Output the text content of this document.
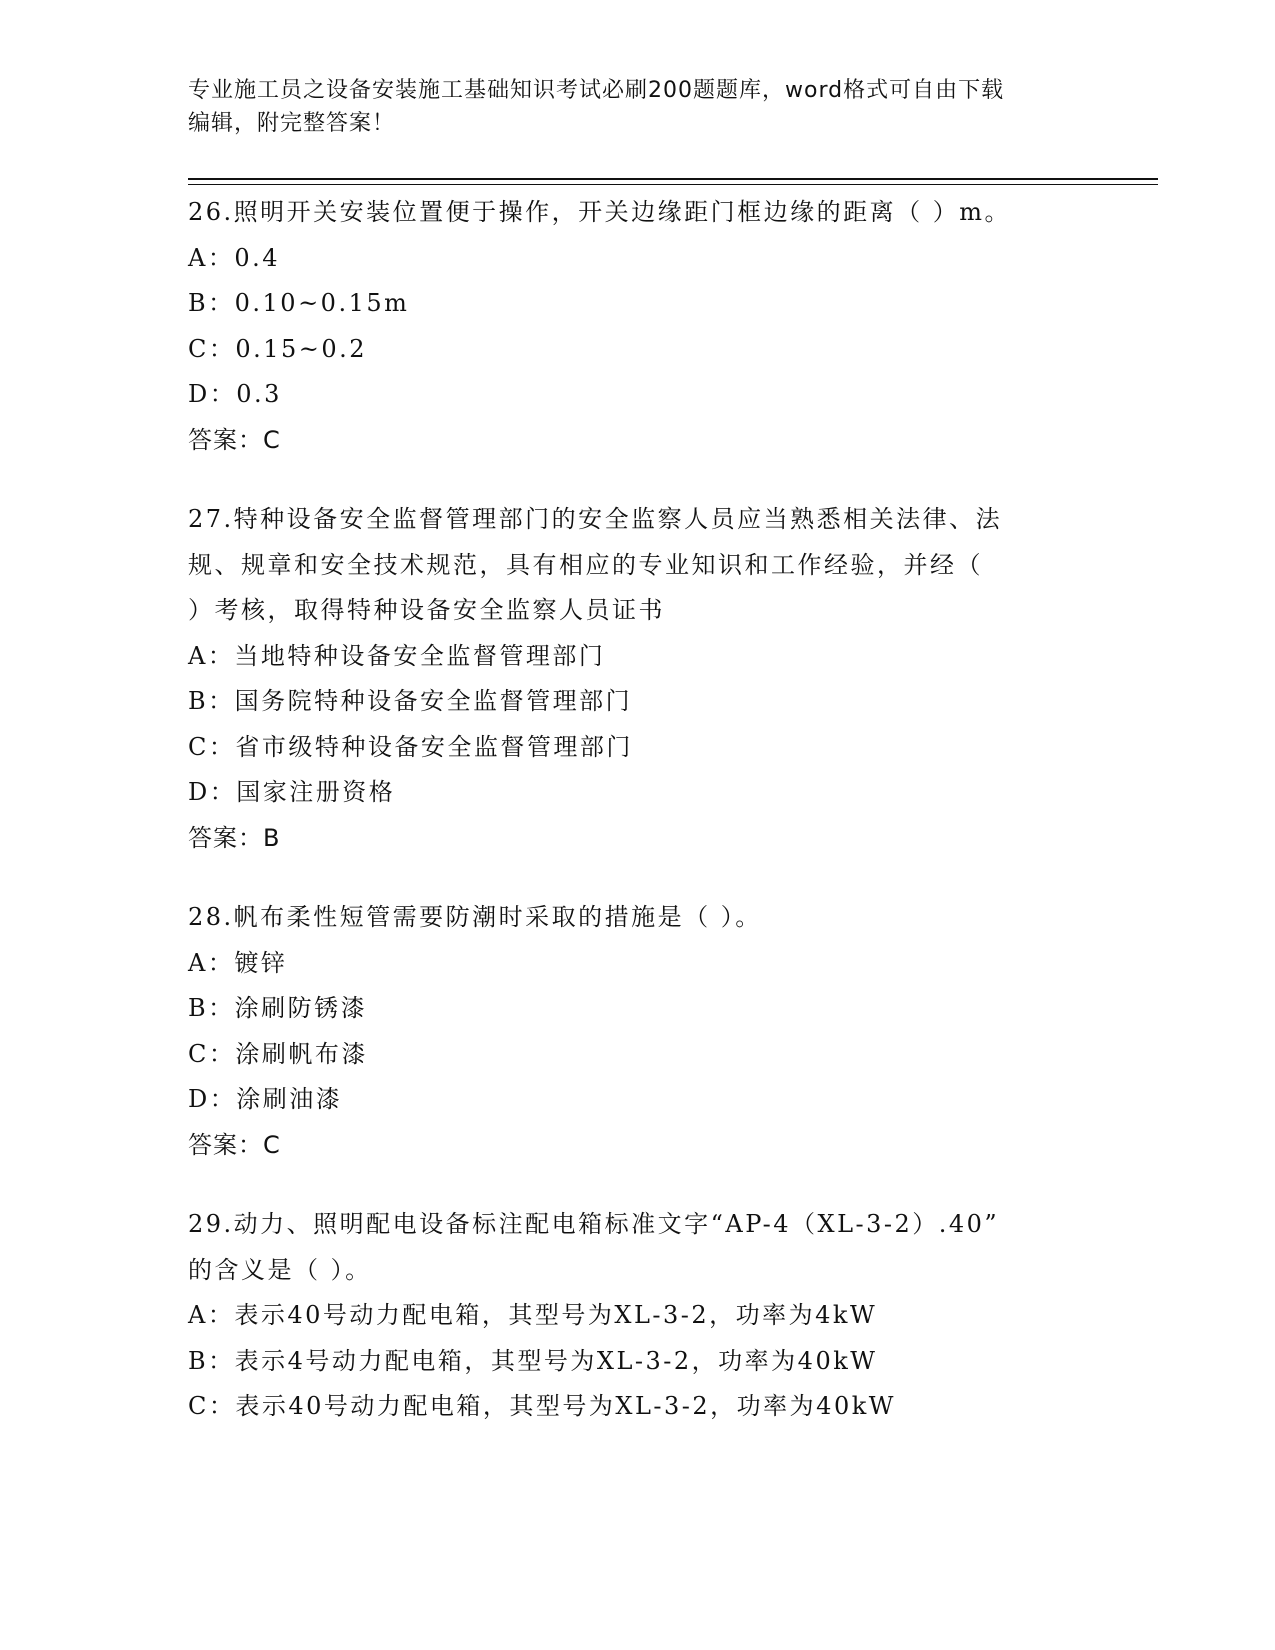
专业施工员之设备安装施工基础知识考试必刷200题题库，word格式可自由下载
编辑，附完整答案！
26.照明开关安装位置便于操作，开关边缘距门框边缘的距离（ ）m。
A：0.4
B：0.10~0.15m
C：0.15~0.2
D：0.3
答案：C
27.特种设备安全监督管理部门的安全监察人员应当熟悉相关法律、法
规、规章和安全技术规范，具有相应的专业知识和工作经验，并经（
）考核，取得特种设备安全监察人员证书
A：当地特种设备安全监督管理部门
B：国务院特种设备安全监督管理部门
C：省市级特种设备安全监督管理部门
D：国家注册资格
答案：B
28.帆布柔性短管需要防潮时采取的措施是（ ）。
A：镀锌
B：涂刷防锈漆
C：涂刷帆布漆
D：涂刷油漆
答案：C
29.动力、照明配电设备标注配电箱标准文字“AP-4（XL-3-2）.40”
的含义是（ ）。
A：表示40号动力配电箱，其型号为XL-3-2，功率为4kW
B：表示4号动力配电箱，其型号为XL-3-2，功率为40kW
C：表示40号动力配电箱，其型号为XL-3-2，功率为40kW
